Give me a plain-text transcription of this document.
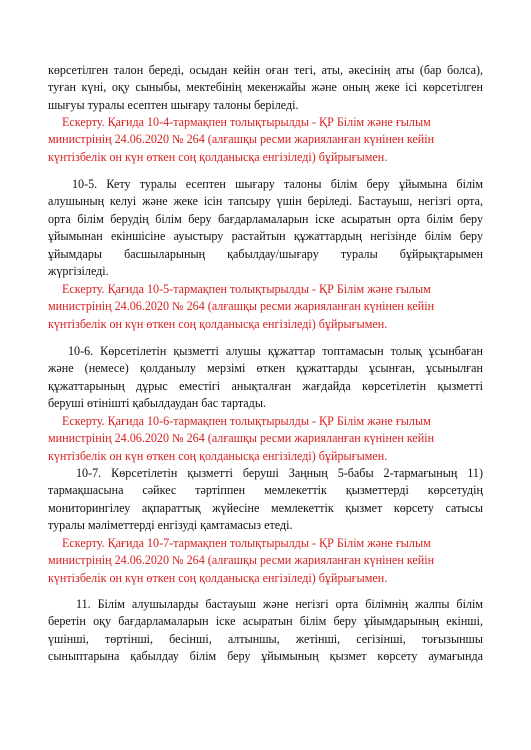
көрсетілген талон береді, осыдан кейін оған тегі, аты, әкесінің аты (бар болса),
туған күні, оқу сыныбы, мектебінің мекенжайы және оның жеке ісі көрсетілген
шығуы туралы есептен шығару талоны беріледі.
Ескерту. Қағида 10-4-тармақпен толықтырылды - ҚР Білім және ғылым
министрінің 24.06.2020 № 264 (алғашқы ресми жарияланған күнінен кейін
күнтізбелік он күн өткен соң қолданысқа енгізіледі) бұйрығымен.
10-5. Кету туралы есептен шығару талоны білім беру ұйымына білім
алушының келуі және жеке ісін тапсыру үшін беріледі. Бастауыш, негізгі орта,
орта білім берудің білім беру бағдарламаларын іске асыратын орта білім беру
ұйымынан екіншісіне ауыстыру растайтын құжаттардың негізінде білім беру
ұйымдары басшыларының қабылдау/шығару туралы бұйрықтарымен
жүргізіледі.
Ескерту. Қағида 10-5-тармақпен толықтырылды - ҚР Білім және ғылым
министрінің 24.06.2020 № 264 (алғашқы ресми жарияланған күнінен кейін
күнтізбелік он күн өткен соң қолданысқа енгізіледі) бұйрығымен.
10-6. Көрсетілетін қызметті алушы құжаттар топтамасын толық ұсынбаған
және (немесе) қолданылу мерзімі өткен құжаттарды ұсынған, ұсынылған
құжаттарының дұрыс еместігі анықталған жағдайда көрсетілетін қызметті
беруші өтінішті қабылдаудан бас тартады.
Ескерту. Қағида 10-6-тармақпен толықтырылды - ҚР Білім және ғылым
министрінің 24.06.2020 № 264 (алғашқы ресми жарияланған күнінен кейін
күнтізбелік он күн өткен соң қолданысқа енгізіледі) бұйрығымен.
10-7. Көрсетілетін қызметті беруші Заңның 5-бабы 2-тармағының 11)
тармақшасына сәйкес тәртіппен мемлекеттік қызметтерді көрсетудің
мониторингілеу ақпараттық жүйесіне мемлекеттік қызмет көрсету сатысы
туралы мәліметтерді енгізуді қамтамасыз етеді.
Ескерту. Қағида 10-7-тармақпен толықтырылды - ҚР Білім және ғылым
министрінің 24.06.2020 № 264 (алғашқы ресми жарияланған күнінен кейін
күнтізбелік он күн өткен соң қолданысқа енгізіледі) бұйрығымен.
11. Білім алушыларды бастауыш және негізгі орта білімнің жалпы білім
беретін оқу бағдарламаларын іске асыратын білім беру ұйымдарының екінші,
үшінші, төртінші, бесінші, алтыншы, жетінші, сегізінші, тоғызыншы
сыныптарына қабылдау білім беру ұйымының қызмет көрсету аумағында
